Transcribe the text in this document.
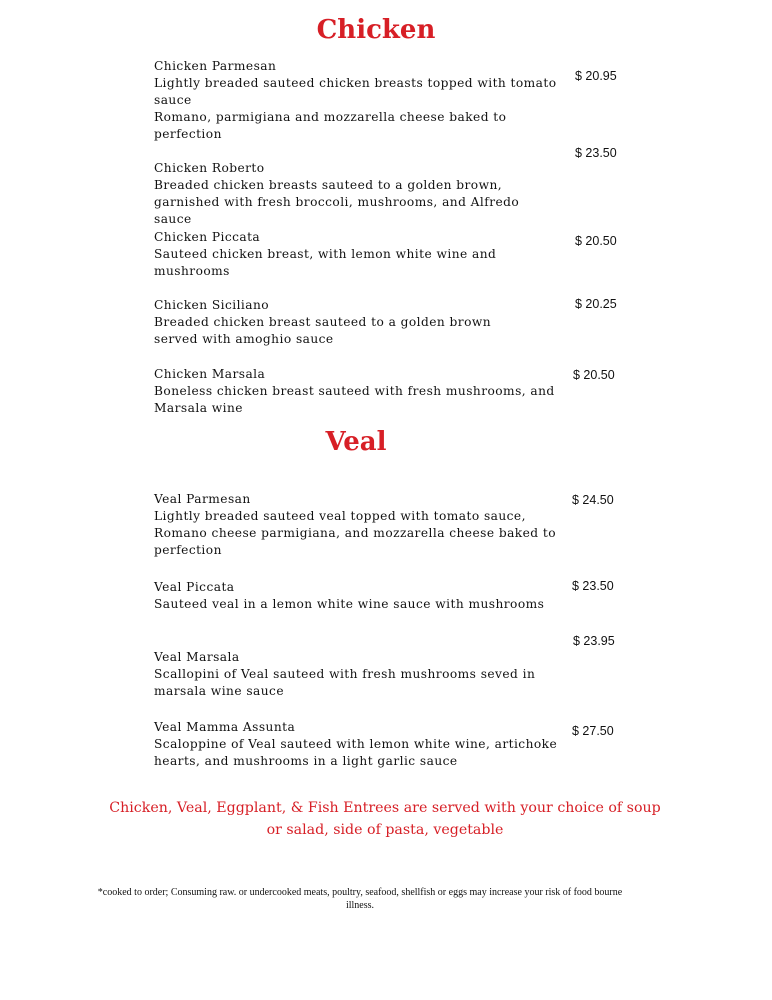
Chicken
Chicken Parmesan
Lightly breaded sauteed chicken breasts topped with tomato sauce
Romano, parmigiana and mozzarella cheese baked to perfection
$ 20.95
$ 23.50
Chicken Roberto
Breaded chicken breasts sauteed to a golden brown, garnished with fresh broccoli, mushrooms, and Alfredo sauce
Chicken Piccata
Sauteed chicken breast, with lemon white wine and mushrooms
$ 20.50
Chicken Siciliano
Breaded chicken breast sauteed to a golden brown
served with amoghio sauce
$ 20.25
Chicken Marsala
Boneless chicken breast sauteed with fresh mushrooms, and Marsala wine
$ 20.50
Veal
Veal Parmesan
Lightly breaded sauteed veal topped with tomato sauce,
Romano cheese parmigiana, and mozzarella cheese baked to perfection
$ 24.50
Veal Piccata
Sauteed veal in a lemon white wine sauce with mushrooms
$ 23.50
$ 23.95
Veal Marsala
Scallopini of Veal sauteed with fresh mushrooms seved in marsala wine sauce
Veal Mamma Assunta
Scaloppine of Veal sauteed with lemon white wine, artichoke hearts, and mushrooms in a light garlic sauce
$ 27.50
Chicken, Veal, Eggplant, & Fish Entrees are served with your choice of soup or salad, side of pasta, vegetable
*cooked to order; Consuming raw. or undercooked meats, poultry, seafood, shellfish or eggs may increase your risk of food bourne illness.
